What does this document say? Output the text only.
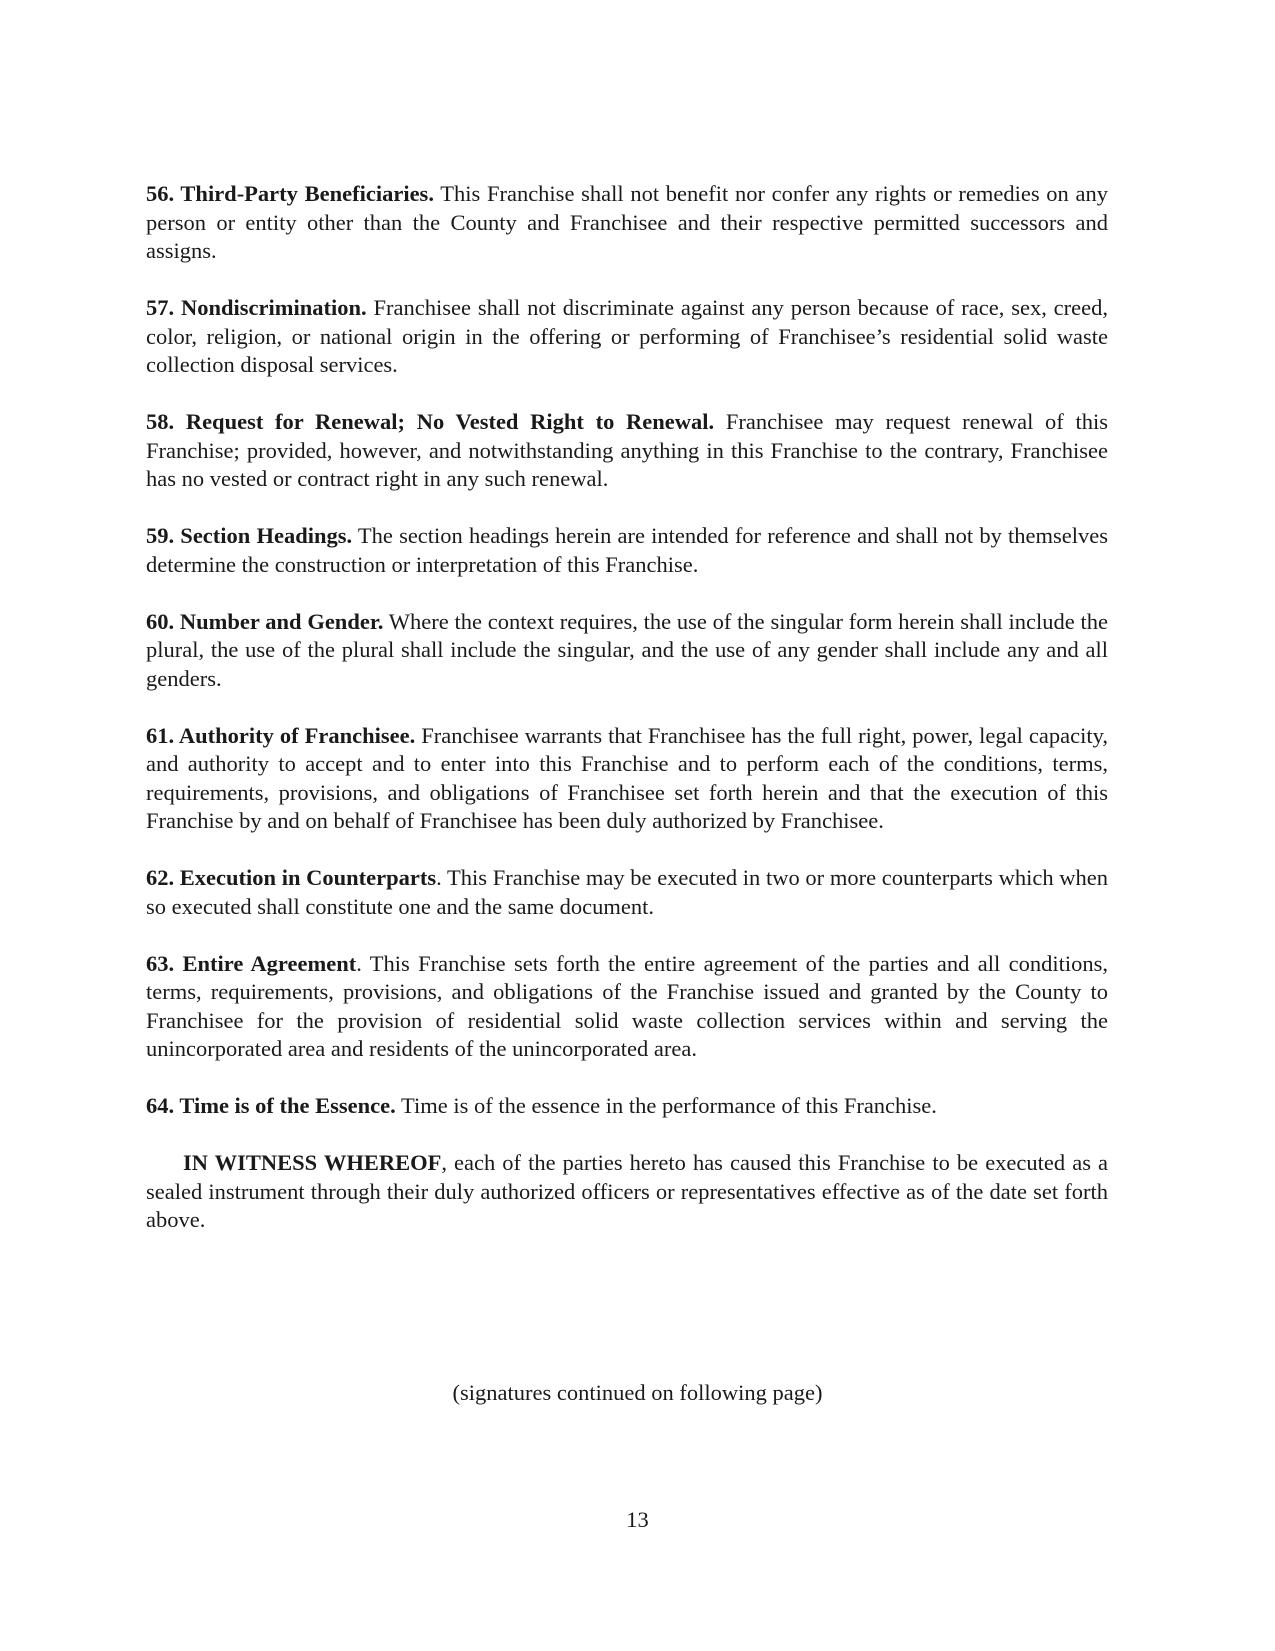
56. Third-Party Beneficiaries. This Franchise shall not benefit nor confer any rights or remedies on any person or entity other than the County and Franchisee and their respective permitted successors and assigns.

57. Nondiscrimination. Franchisee shall not discriminate against any person because of race, sex, creed, color, religion, or national origin in the offering or performing of Franchisee’s residential solid waste collection disposal services.

58. Request for Renewal; No Vested Right to Renewal. Franchisee may request renewal of this Franchise; provided, however, and notwithstanding anything in this Franchise to the contrary, Franchisee has no vested or contract right in any such renewal.

59. Section Headings. The section headings herein are intended for reference and shall not by themselves determine the construction or interpretation of this Franchise.

60. Number and Gender. Where the context requires, the use of the singular form herein shall include the plural, the use of the plural shall include the singular, and the use of any gender shall include any and all genders.

61. Authority of Franchisee. Franchisee warrants that Franchisee has the full right, power, legal capacity, and authority to accept and to enter into this Franchise and to perform each of the conditions, terms, requirements, provisions, and obligations of Franchisee set forth herein and that the execution of this Franchise by and on behalf of Franchisee has been duly authorized by Franchisee.

62. Execution in Counterparts. This Franchise may be executed in two or more counterparts which when so executed shall constitute one and the same document.

63. Entire Agreement. This Franchise sets forth the entire agreement of the parties and all conditions, terms, requirements, provisions, and obligations of the Franchise issued and granted by the County to Franchisee for the provision of residential solid waste collection services within and serving the unincorporated area and residents of the unincorporated area.

64. Time is of the Essence. Time is of the essence in the performance of this Franchise.

IN WITNESS WHEREOF, each of the parties hereto has caused this Franchise to be executed as a sealed instrument through their duly authorized officers or representatives effective as of the date set forth above.

(signatures continued on following page)
13
